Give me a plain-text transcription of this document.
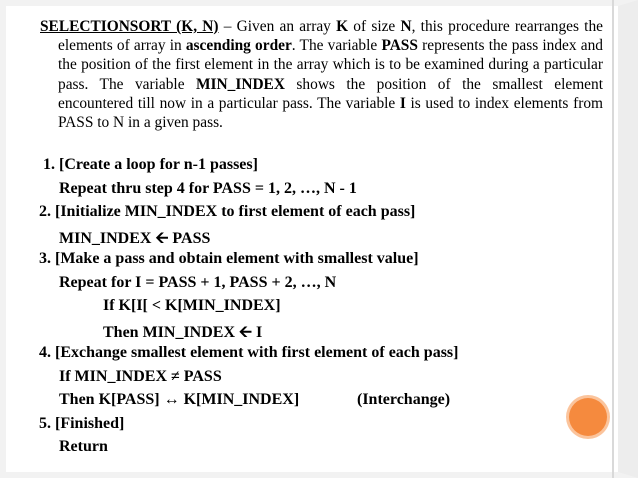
SELECTIONSORT (K, N) – Given an array K of size N, this procedure rearranges the elements of array in ascending order. The variable PASS represents the pass index and the position of the first element in the array which is to be examined during a particular pass. The variable MIN_INDEX shows the position of the smallest element encountered till now in a particular pass. The variable I is used to index elements from PASS to N in a given pass.

1. [Create a loop for n-1 passes]
Repeat thru step 4 for PASS = 1, 2, …, N - 1
2. [Initialize MIN_INDEX to first element of each pass]
MIN_INDEX 🡨 PASS
3. [Make a pass and obtain element with smallest value]
Repeat for I = PASS + 1, PASS + 2, …, N
If K[I[ < K[MIN_INDEX]
Then MIN_INDEX 🡨 I
4. [Exchange smallest element with first element of each pass]
If MIN_INDEX ≠ PASS
Then K[PASS] ↔ K[MIN_INDEX]	(Interchange)
5. [Finished]
Return
